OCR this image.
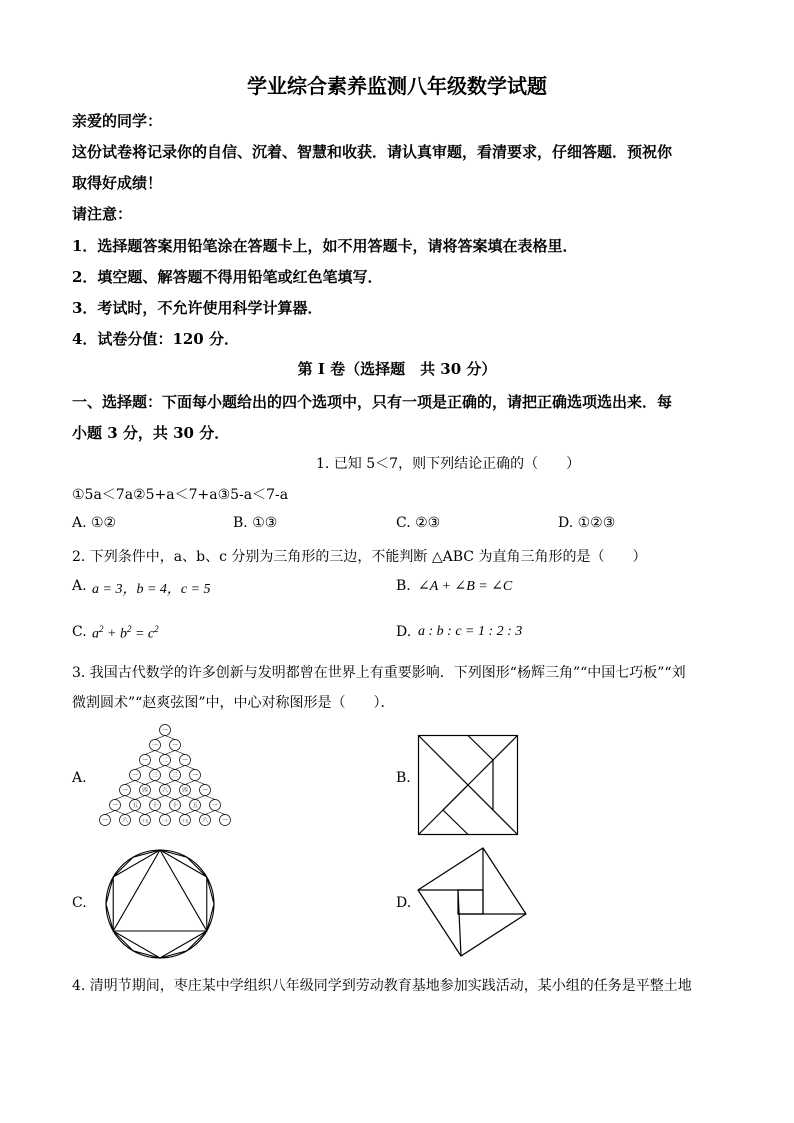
学业综合素养监测八年级数学试题
亲爱的同学：
这份试卷将记录你的自信、沉着、智慧和收获．请认真审题，看清要求，仔细答题．预祝你
取得好成绩！
请注意：
1．选择题答案用铅笔涂在答题卡上，如不用答题卡，请将答案填在表格里．
2．填空题、解答题不得用铅笔或红色笔填写．
3．考试时，不允许使用科学计算器．
4．试卷分值：120 分．
第 I 卷（选择题　共 30 分）
一、选择题：下面每小题给出的四个选项中，只有一项是正确的，请把正确选项选出来．每
小题 3 分，共 30 分．
1. 已知 5＜7，则下列结论正确的（　　）
①5a＜7a②5+a＜7+a③5-a＜7-a
A. ①②	B. ①③	C. ②③	D. ①②③
2. 下列条件中，a、b、c 分别为三角形的三边，不能判断 △ABC 为直角三角形的是（　　）
A. a = 3，b = 4，c = 5	B. ∠A + ∠B = ∠C
C. $a^2 + b^2 = c^2$	D. a : b : c = 1 : 2 : 3
3. 我国古代数学的许多创新与发明都曾在世界上有重要影响．下列图形“杨辉三角”“中国七巧板”“刘
微割圆术”“赵爽弦图”中，中心对称图形是（　　）．
A.
一
一	一
一	二	一
一	三	三	一
一	四	六	四	一
一	五	十	十	五	一
一	六	十五	二十	十五 六	一
B.
C.	D.
4. 清明节期间，枣庄某中学组织八年级同学到劳动教育基地参加实践活动，某小组的任务是平整土地
